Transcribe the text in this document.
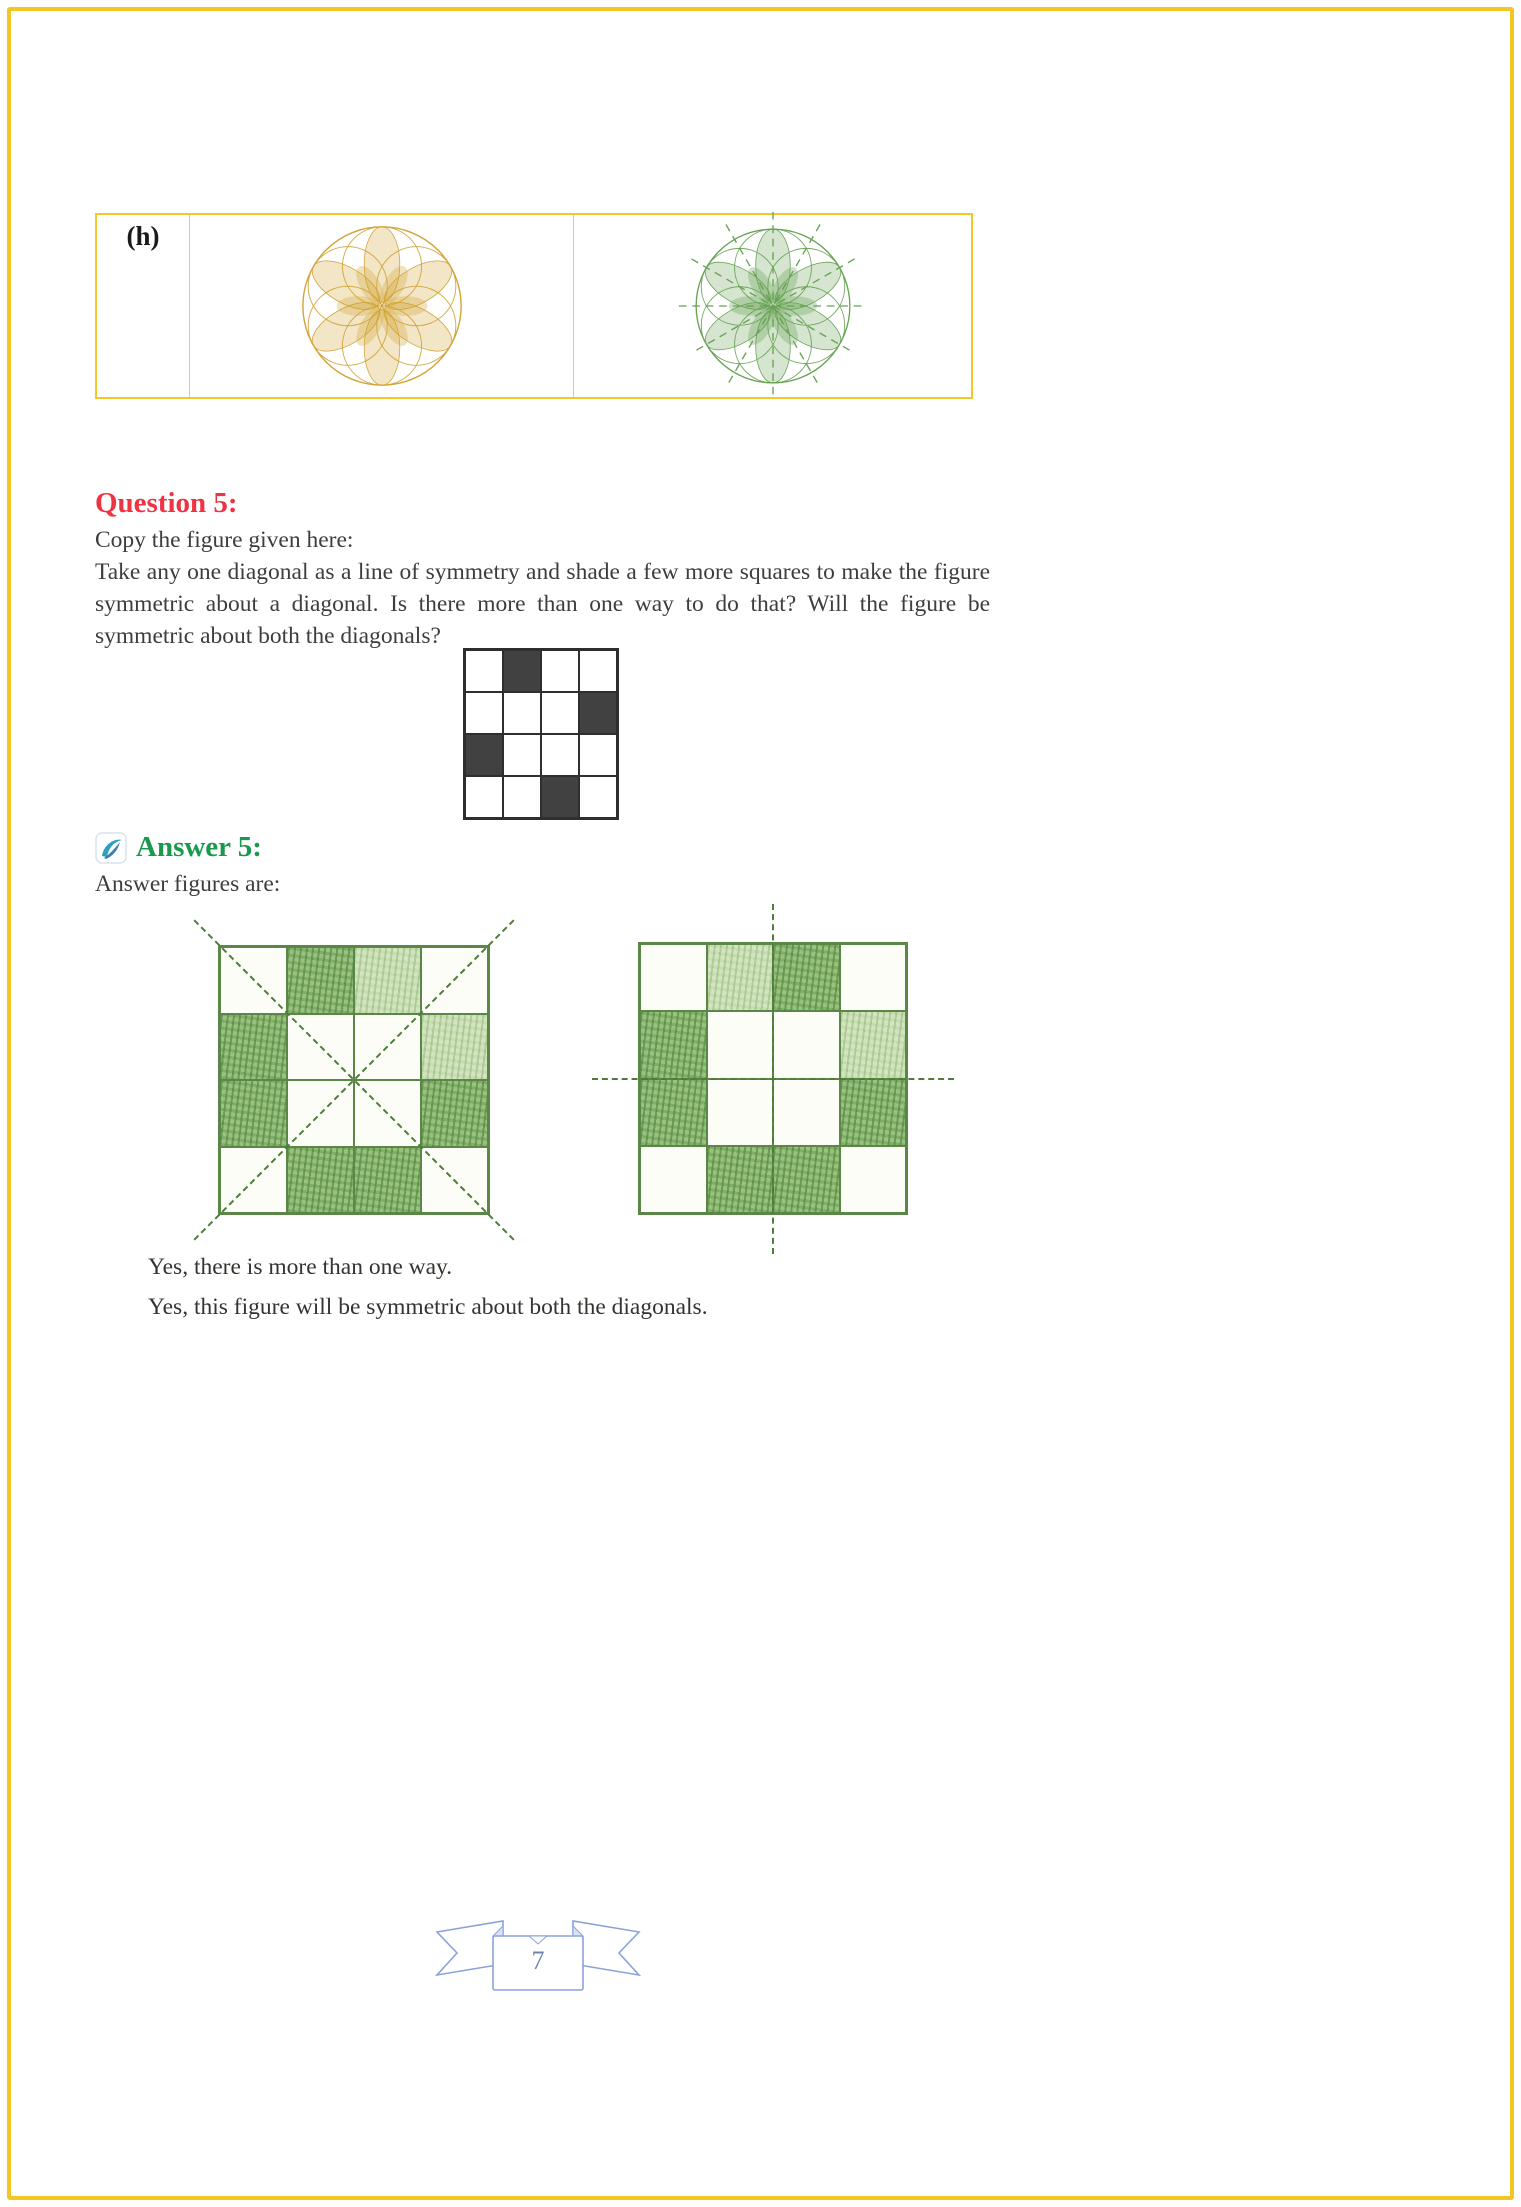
(h)
Question 5:

Copy the figure given here:

Take any one diagonal as a line of symmetry and shade a few more squares to make the figure symmetric about a diagonal. Is there more than one way to do that? Will the figure be symmetric about both the diagonals?

Answer 5:
Answer figures are:
Yes, there is more than one way.
Yes, this figure will be symmetric about both the diagonals.
7
